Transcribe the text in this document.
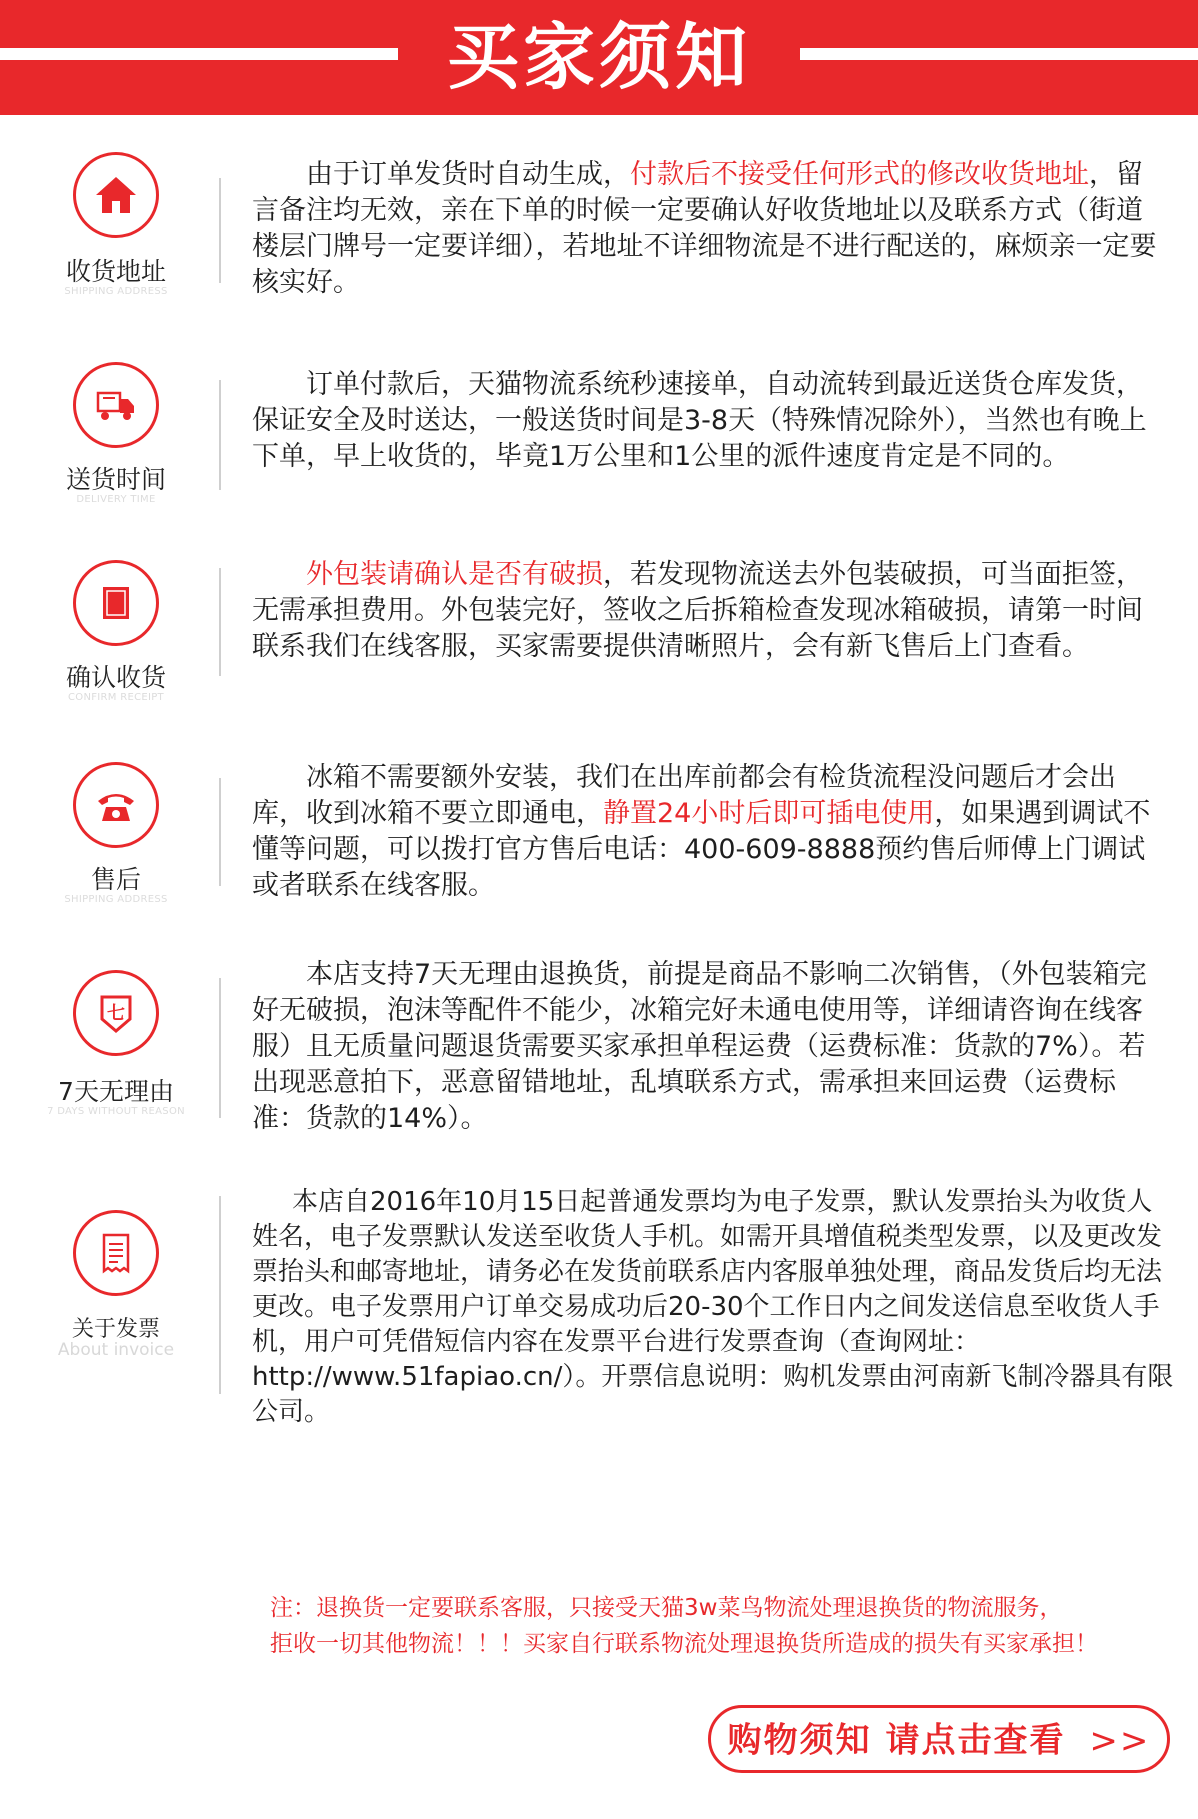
买家须知
收货地址
SHIPPING ADDRESS
由于订单发货时自动生成，付款后不接受任何形式的修改收货地址，留言备注均无效，亲在下单的时候一定要确认好收货地址以及联系方式（街道楼层门牌号一定要详细），若地址不详细物流是不进行配送的，麻烦亲一定要核实好。
送货时间
DELIVERY TIME
订单付款后，天猫物流系统秒速接单，自动流转到最近送货仓库发货，保证安全及时送达，一般送货时间是3-8天（特殊情况除外），当然也有晚上下单，早上收货的，毕竟1万公里和1公里的派件速度肯定是不同的。
确认收货
CONFIRM RECEIPT
外包装请确认是否有破损，若发现物流送去外包装破损，可当面拒签，无需承担费用。外包装完好，签收之后拆箱检查发现冰箱破损，请第一时间联系我们在线客服，买家需要提供清晰照片，会有新飞售后上门查看。
售后
SHIPPING ADDRESS
冰箱不需要额外安装，我们在出库前都会有检货流程没问题后才会出库，收到冰箱不要立即通电，静置24小时后即可插电使用，如果遇到调试不懂等问题，可以拨打官方售后电话：400-609-8888预约售后师傅上门调试或者联系在线客服。
七
7天无理由
7 DAYS WITHOUT REASON
本店支持7天无理由退换货，前提是商品不影响二次销售，（外包装箱完好无破损，泡沫等配件不能少，冰箱完好未通电使用等，详细请咨询在线客服）且无质量问题退货需要买家承担单程运费（运费标准：货款的7%）。若出现恶意拍下，恶意留错地址，乱填联系方式，需承担来回运费（运费标准：货款的14%）。
关于发票
About invoice
本店自2016年10月15日起普通发票均为电子发票，默认发票抬头为收货人姓名，电子发票默认发送至收货人手机。如需开具增值税类型发票，以及更改发票抬头和邮寄地址，请务必在发货前联系店内客服单独处理，商品发货后均无法更改。电子发票用户订单交易成功后20-30个工作日内之间发送信息至收货人手机，用户可凭借短信内容在发票平台进行发票查询（查询网址：http://www.51fapiao.cn/）。开票信息说明：购机发票由河南新飞制冷器具有限公司。
注：退换货一定要联系客服，只接受天猫3w菜鸟物流处理退换货的物流服务，
拒收一切其他物流！！！买家自行联系物流处理退换货所造成的损失有买家承担！
购物须知 请点击查看 >>
